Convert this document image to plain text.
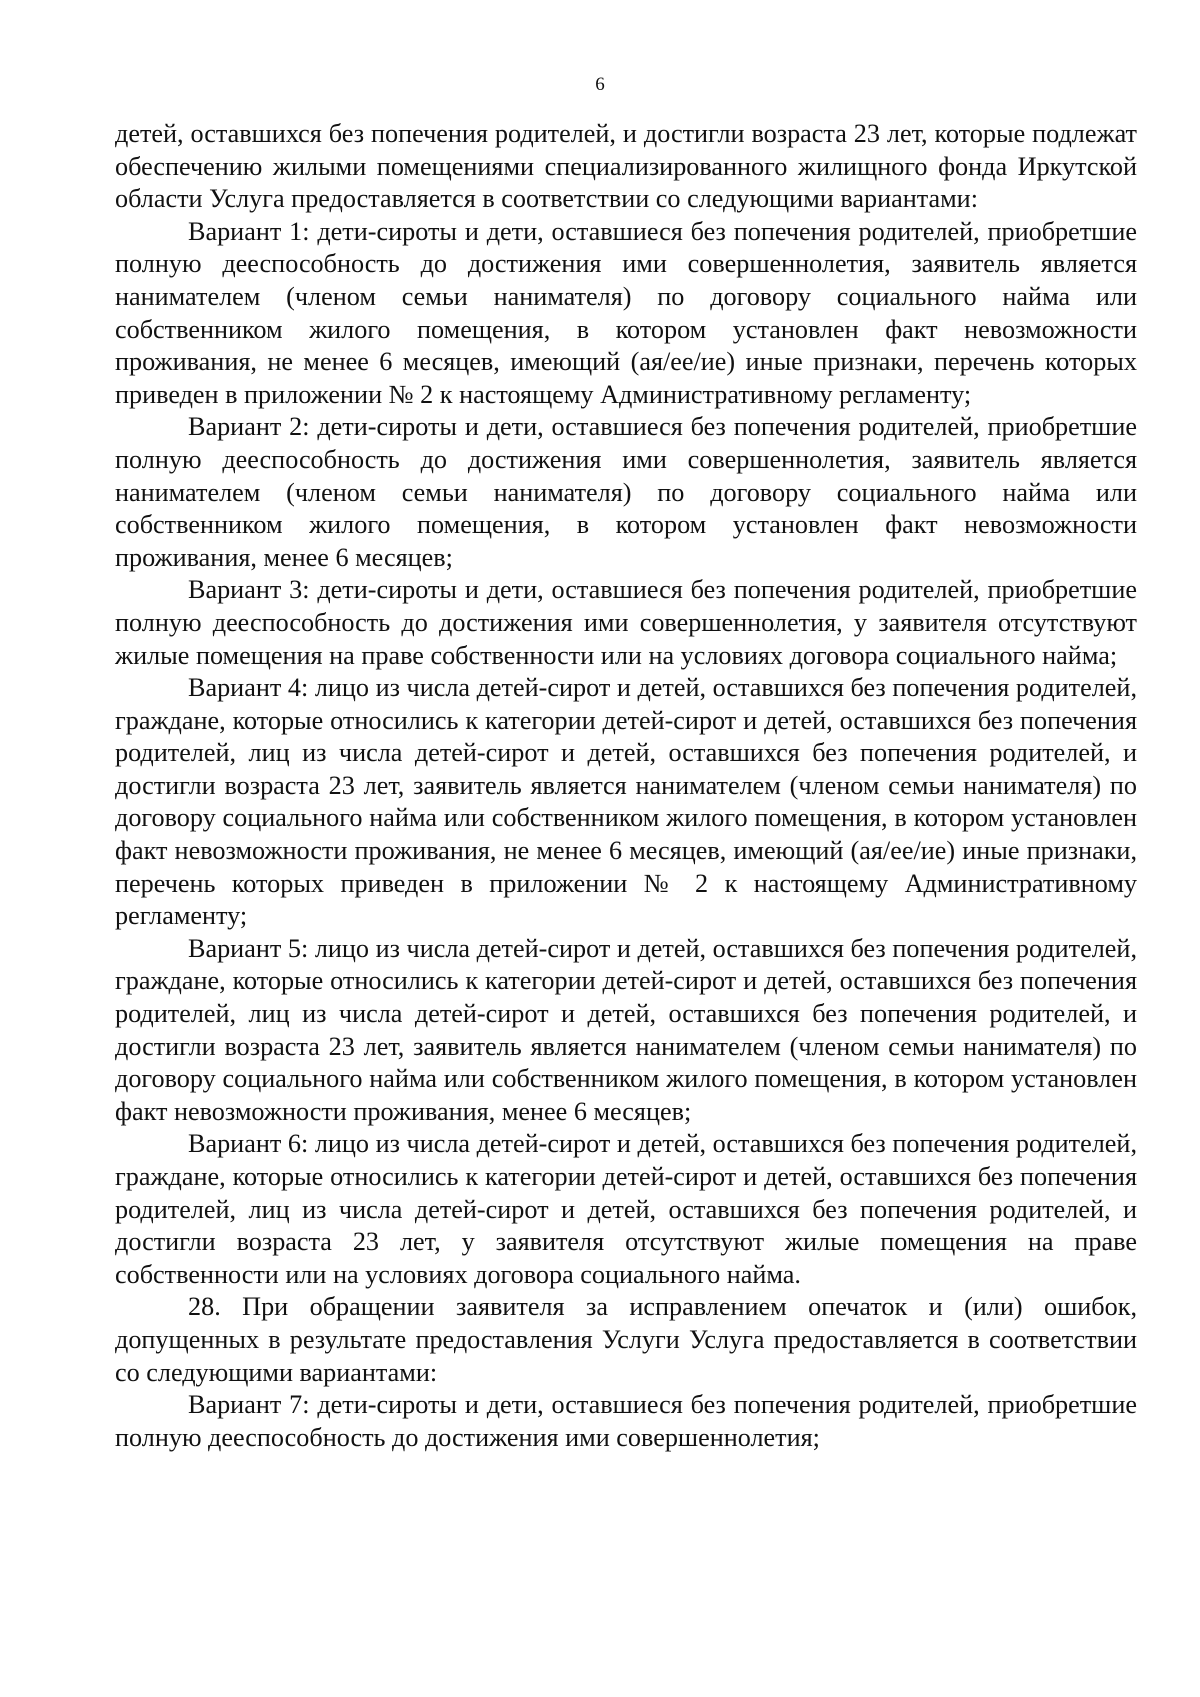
6

детей, оставшихся без попечения родителей, и достигли возраста 23 лет, которые подлежат обеспечению жилыми помещениями специализированного жилищного фонда Иркутской области Услуга предоставляется в соответствии со следующими вариантами:

Вариант 1: дети-сироты и дети, оставшиеся без попечения родителей, приобретшие полную дееспособность до достижения ими совершеннолетия, заявитель является нанимателем (членом семьи нанимателя) по договору социального найма или собственником жилого помещения, в котором установлен факт невозможности проживания, не менее 6 месяцев, имеющий (ая/ее/ие) иные признаки, перечень которых приведен в приложении № 2 к настоящему Административному регламенту;

Вариант 2: дети-сироты и дети, оставшиеся без попечения родителей, приобретшие полную дееспособность до достижения ими совершеннолетия, заявитель является нанимателем (членом семьи нанимателя) по договору социального найма или собственником жилого помещения, в котором установлен факт невозможности проживания, менее 6 месяцев;

Вариант 3: дети-сироты и дети, оставшиеся без попечения родителей, приобретшие полную дееспособность до достижения ими совершеннолетия, у заявителя отсутствуют жилые помещения на праве собственности или на условиях договора социального найма;

Вариант 4: лицо из числа детей-сирот и детей, оставшихся без попечения родителей, граждане, которые относились к категории детей-сирот и детей, оставшихся без попечения родителей, лиц из числа детей-сирот и детей, оставшихся без попечения родителей, и достигли возраста 23 лет, заявитель является нанимателем (членом семьи нанимателя) по договору социального найма или собственником жилого помещения, в котором установлен факт невозможности проживания, не менее 6 месяцев, имеющий (ая/ее/ие) иные признаки, перечень которых приведен в приложении № 2 к настоящему Административному регламенту;

Вариант 5: лицо из числа детей-сирот и детей, оставшихся без попечения родителей, граждане, которые относились к категории детей-сирот и детей, оставшихся без попечения родителей, лиц из числа детей-сирот и детей, оставшихся без попечения родителей, и достигли возраста 23 лет, заявитель является нанимателем (членом семьи нанимателя) по договору социального найма или собственником жилого помещения, в котором установлен факт невозможности проживания, менее 6 месяцев;

Вариант 6: лицо из числа детей-сирот и детей, оставшихся без попечения родителей, граждане, которые относились к категории детей-сирот и детей, оставшихся без попечения родителей, лиц из числа детей-сирот и детей, оставшихся без попечения родителей, и достигли возраста 23 лет, у заявителя отсутствуют жилые помещения на праве собственности или на условиях договора социального найма.

28. При обращении заявителя за исправлением опечаток и (или) ошибок, допущенных в результате предоставления Услуги Услуга предоставляется в соответствии со следующими вариантами:

Вариант 7: дети-сироты и дети, оставшиеся без попечения родителей, приобретшие полную дееспособность до достижения ими совершеннолетия;
